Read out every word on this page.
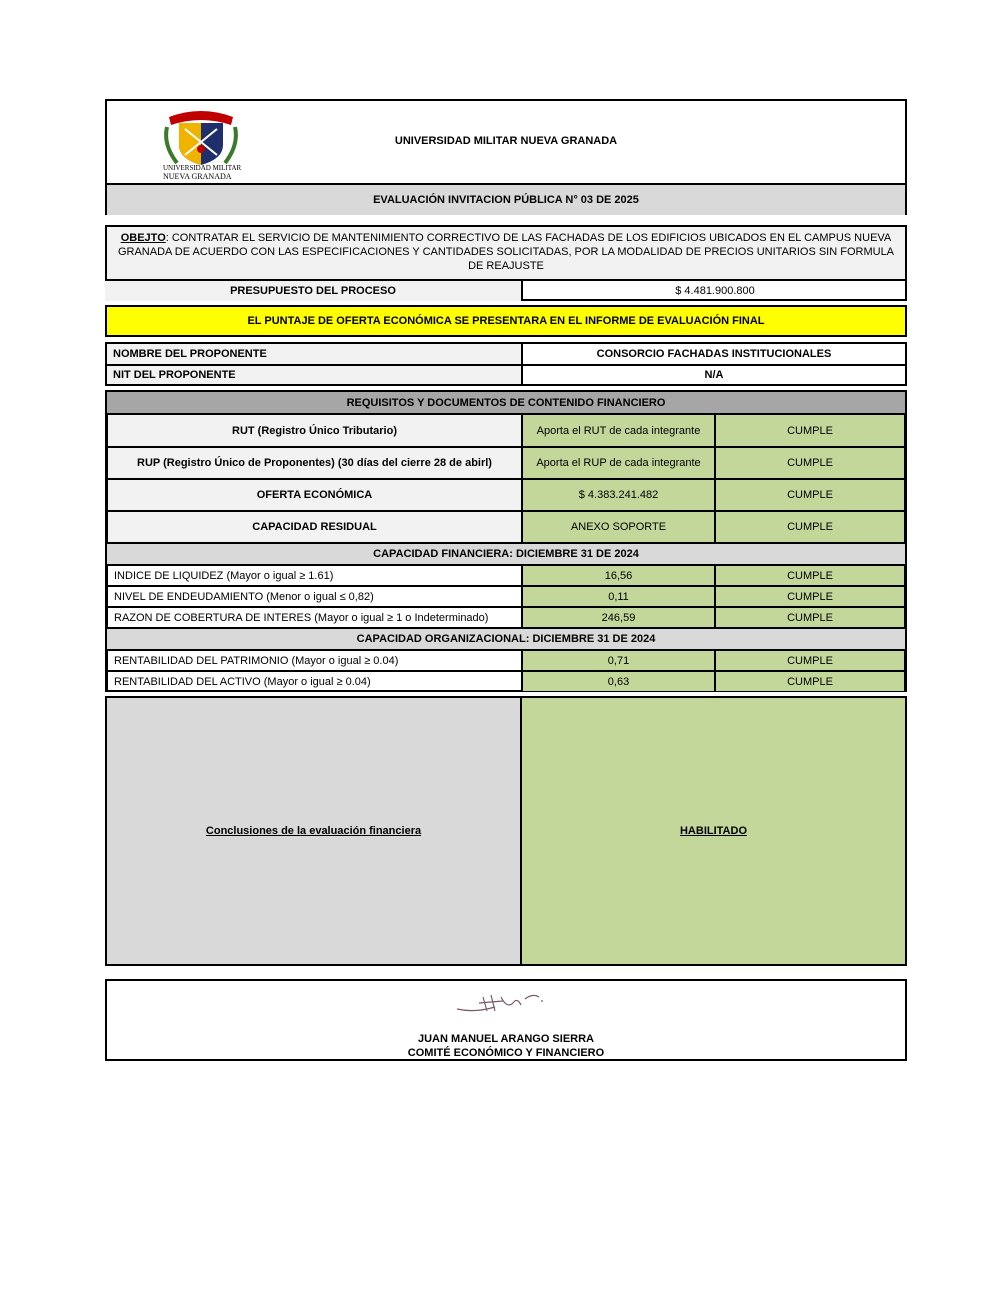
UNIVERSIDAD MILITAR
NUEVA GRANADA
UNIVERSIDAD MILITAR NUEVA GRANADA
EVALUACIÓN INVITACION PÚBLICA N° 03 DE 2025
OBEJTO: CONTRATAR EL SERVICIO DE MANTENIMIENTO CORRECTIVO DE LAS FACHADAS DE LOS EDIFICIOS UBICADOS EN EL CAMPUS NUEVA GRANADA DE ACUERDO CON LAS ESPECIFICACIONES Y CANTIDADES SOLICITADAS, POR LA MODALIDAD DE PRECIOS UNITARIOS SIN FORMULA DE REAJUSTE
PRESUPUESTO DEL PROCESO	$ 4.481.900.800
EL PUNTAJE DE OFERTA ECONÓMICA SE PRESENTARA EN EL INFORME DE EVALUACIÓN FINAL
NOMBRE DEL PROPONENTE	CONSORCIO FACHADAS INSTITUCIONALES
NIT DEL PROPONENTE	N/A
REQUISITOS Y DOCUMENTOS DE CONTENIDO FINANCIERO
RUT (Registro Único Tributario)	Aporta el RUT de cada integrante	CUMPLE
RUP (Registro Único de Proponentes) (30 días del cierre 28 de abirl)	Aporta el RUP de cada integrante	CUMPLE
OFERTA ECONÓMICA	$ 4.383.241.482	CUMPLE
CAPACIDAD RESIDUAL	ANEXO SOPORTE	CUMPLE
CAPACIDAD FINANCIERA: DICIEMBRE 31 DE 2024
INDICE DE LIQUIDEZ (Mayor o igual ≥ 1.61)	16,56	CUMPLE
NIVEL DE ENDEUDAMIENTO (Menor o igual ≤ 0,82)	0,11	CUMPLE
RAZON DE COBERTURA DE INTERES (Mayor o igual ≥ 1 o Indeterminado)	246,59	CUMPLE
CAPACIDAD ORGANIZACIONAL: DICIEMBRE 31 DE 2024
RENTABILIDAD DEL PATRIMONIO (Mayor o igual ≥ 0.04)	0,71	CUMPLE
RENTABILIDAD DEL ACTIVO (Mayor o igual ≥ 0.04)	0,63	CUMPLE
Conclusiones de la evaluación financiera	HABILITADO
JUAN MANUEL ARANGO SIERRA
COMITÉ ECONÓMICO Y FINANCIERO
